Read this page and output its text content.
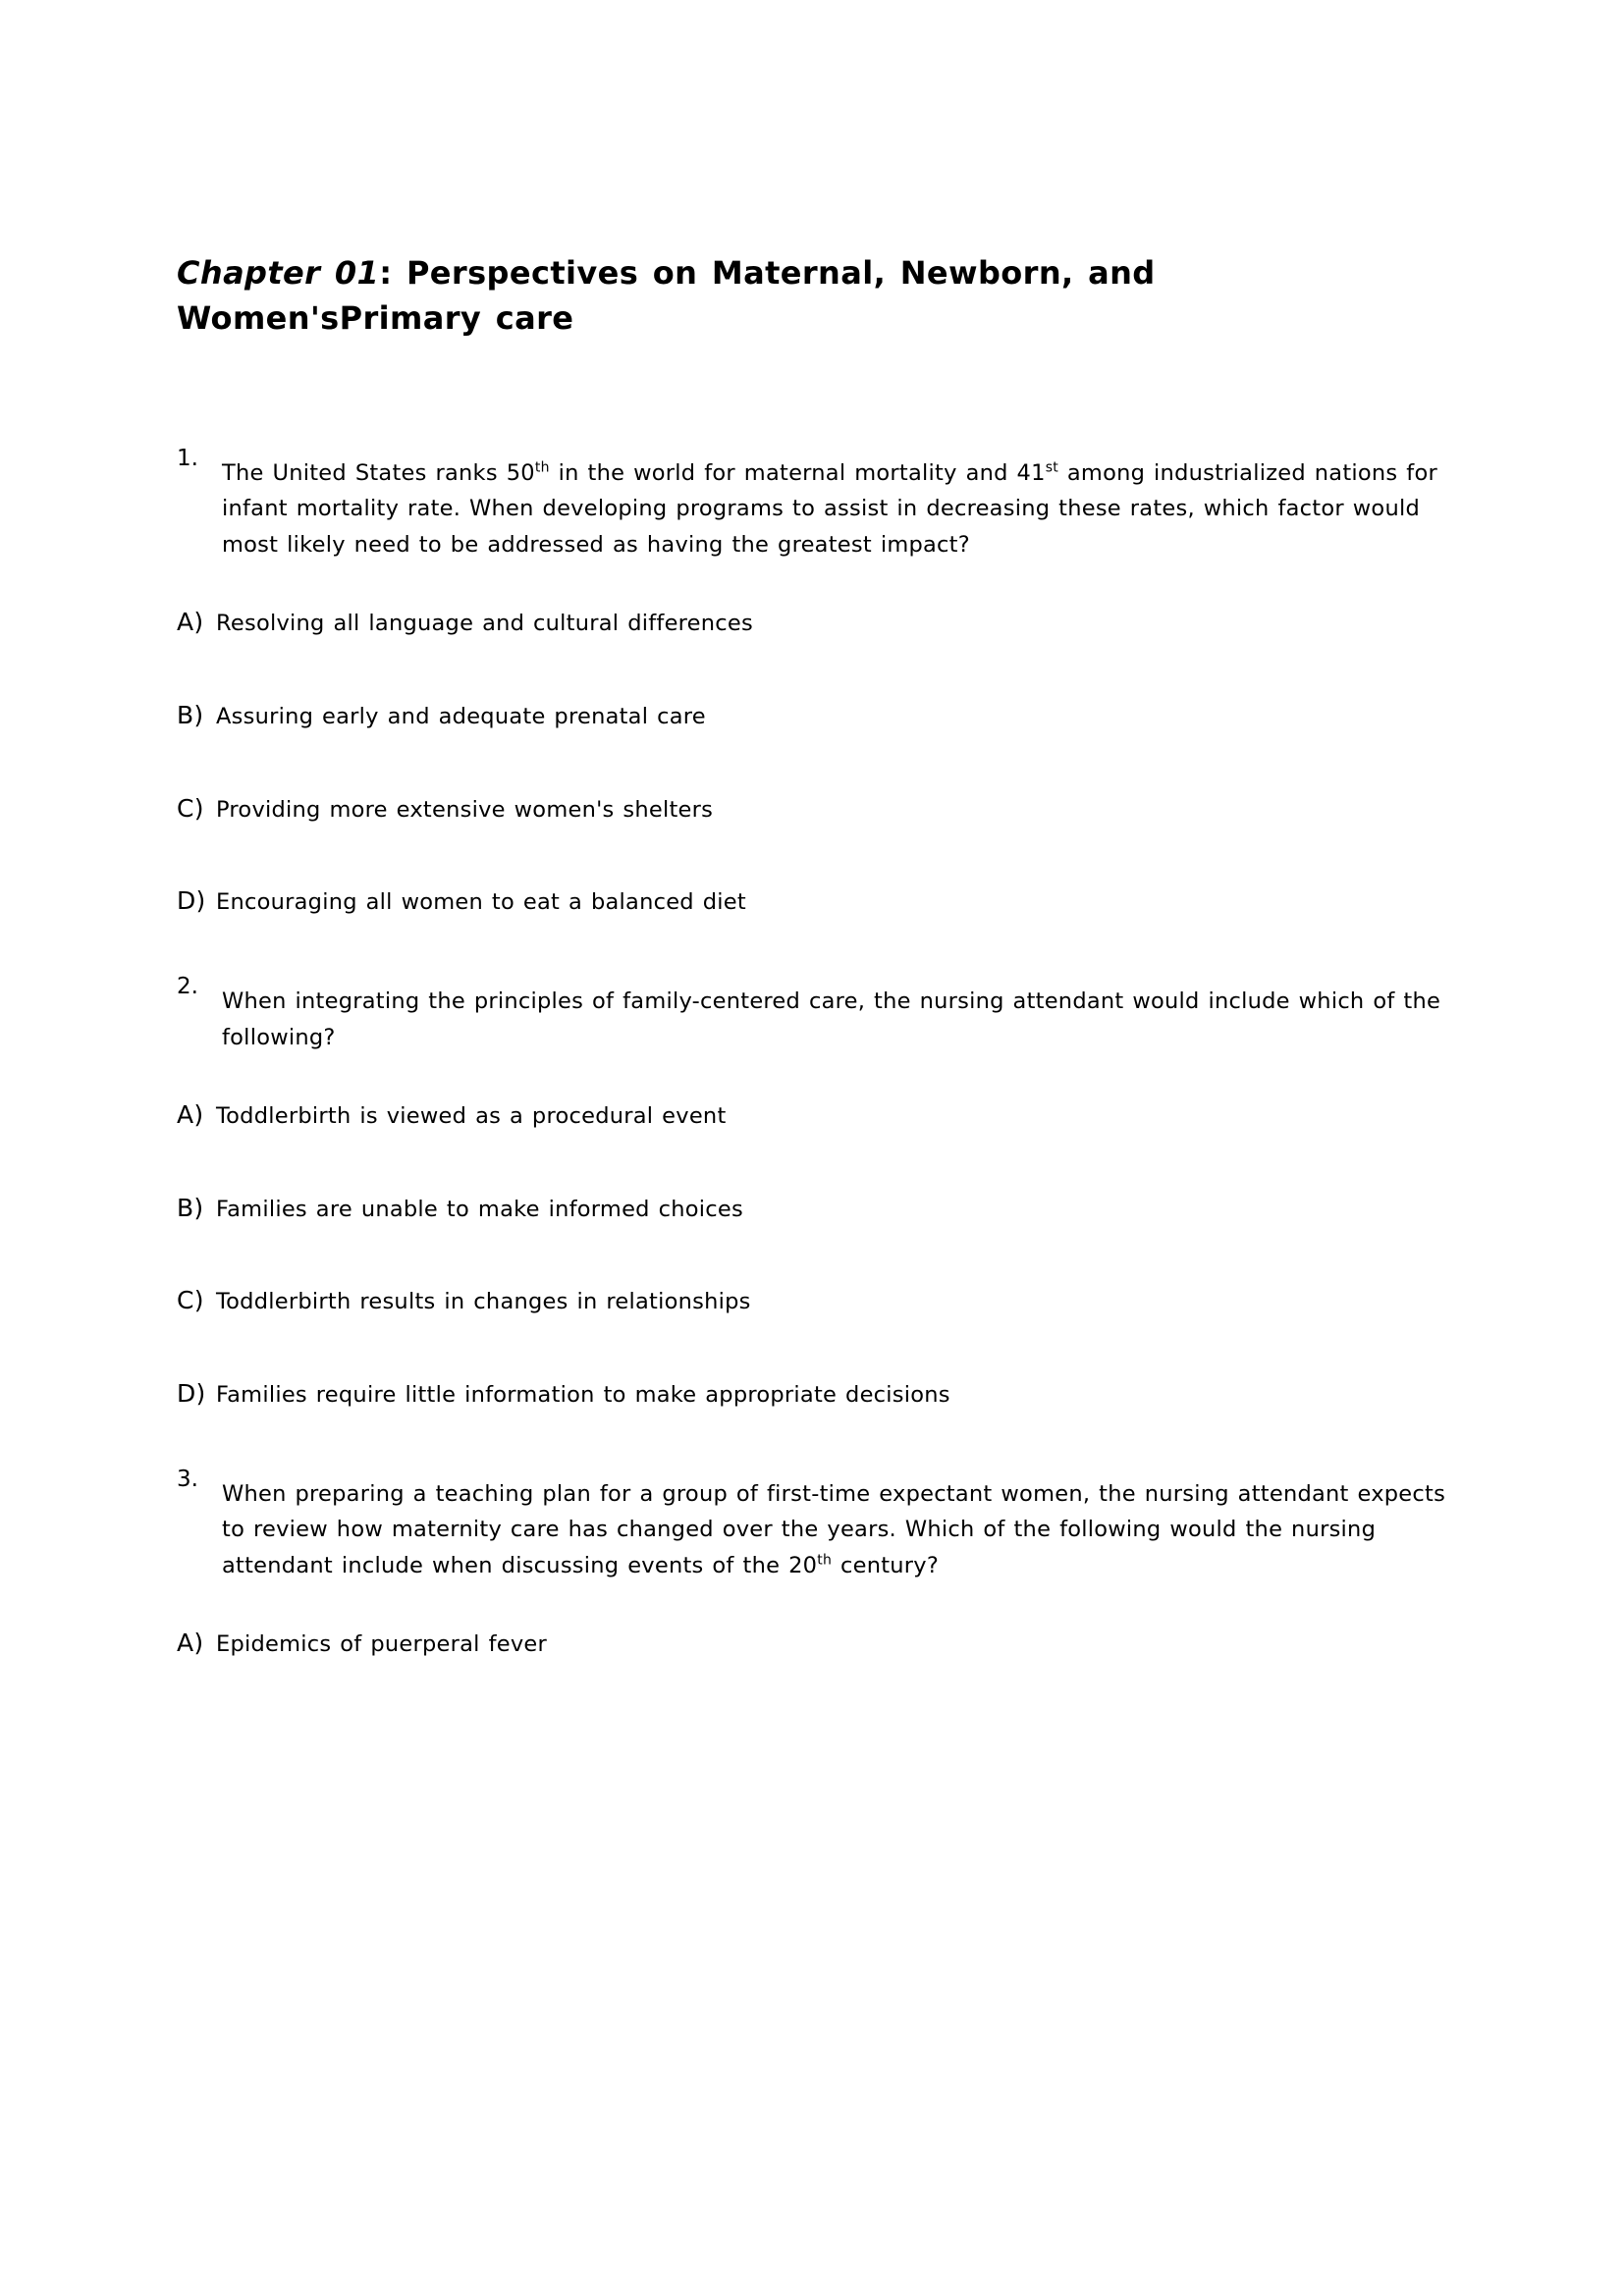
Chapter 01: Perspectives on Maternal, Newborn, and Women'sPrimary care
1.
The United States ranks 50th in the world for maternal mortality and 41st among industrialized nations for infant mortality rate. When developing programs to assist in decreasing these rates, which factor would most likely need to be addressed as having the greatest impact?
A) Resolving all language and cultural differences
B) Assuring early and adequate prenatal care
C) Providing more extensive women's shelters
D) Encouraging all women to eat a balanced diet
2.
When integrating the principles of family-centered care, the nursing attendant would include which of the following?
A) Toddlerbirth is viewed as a procedural event
B) Families are unable to make informed choices
C) Toddlerbirth results in changes in relationships
D) Families require little information to make appropriate decisions
3.
When preparing a teaching plan for a group of first-time expectant women, the nursing attendant expects to review how maternity care has changed over the years. Which of the following would the nursing attendant include when discussing events of the 20th century?
A) Epidemics of puerperal fever
